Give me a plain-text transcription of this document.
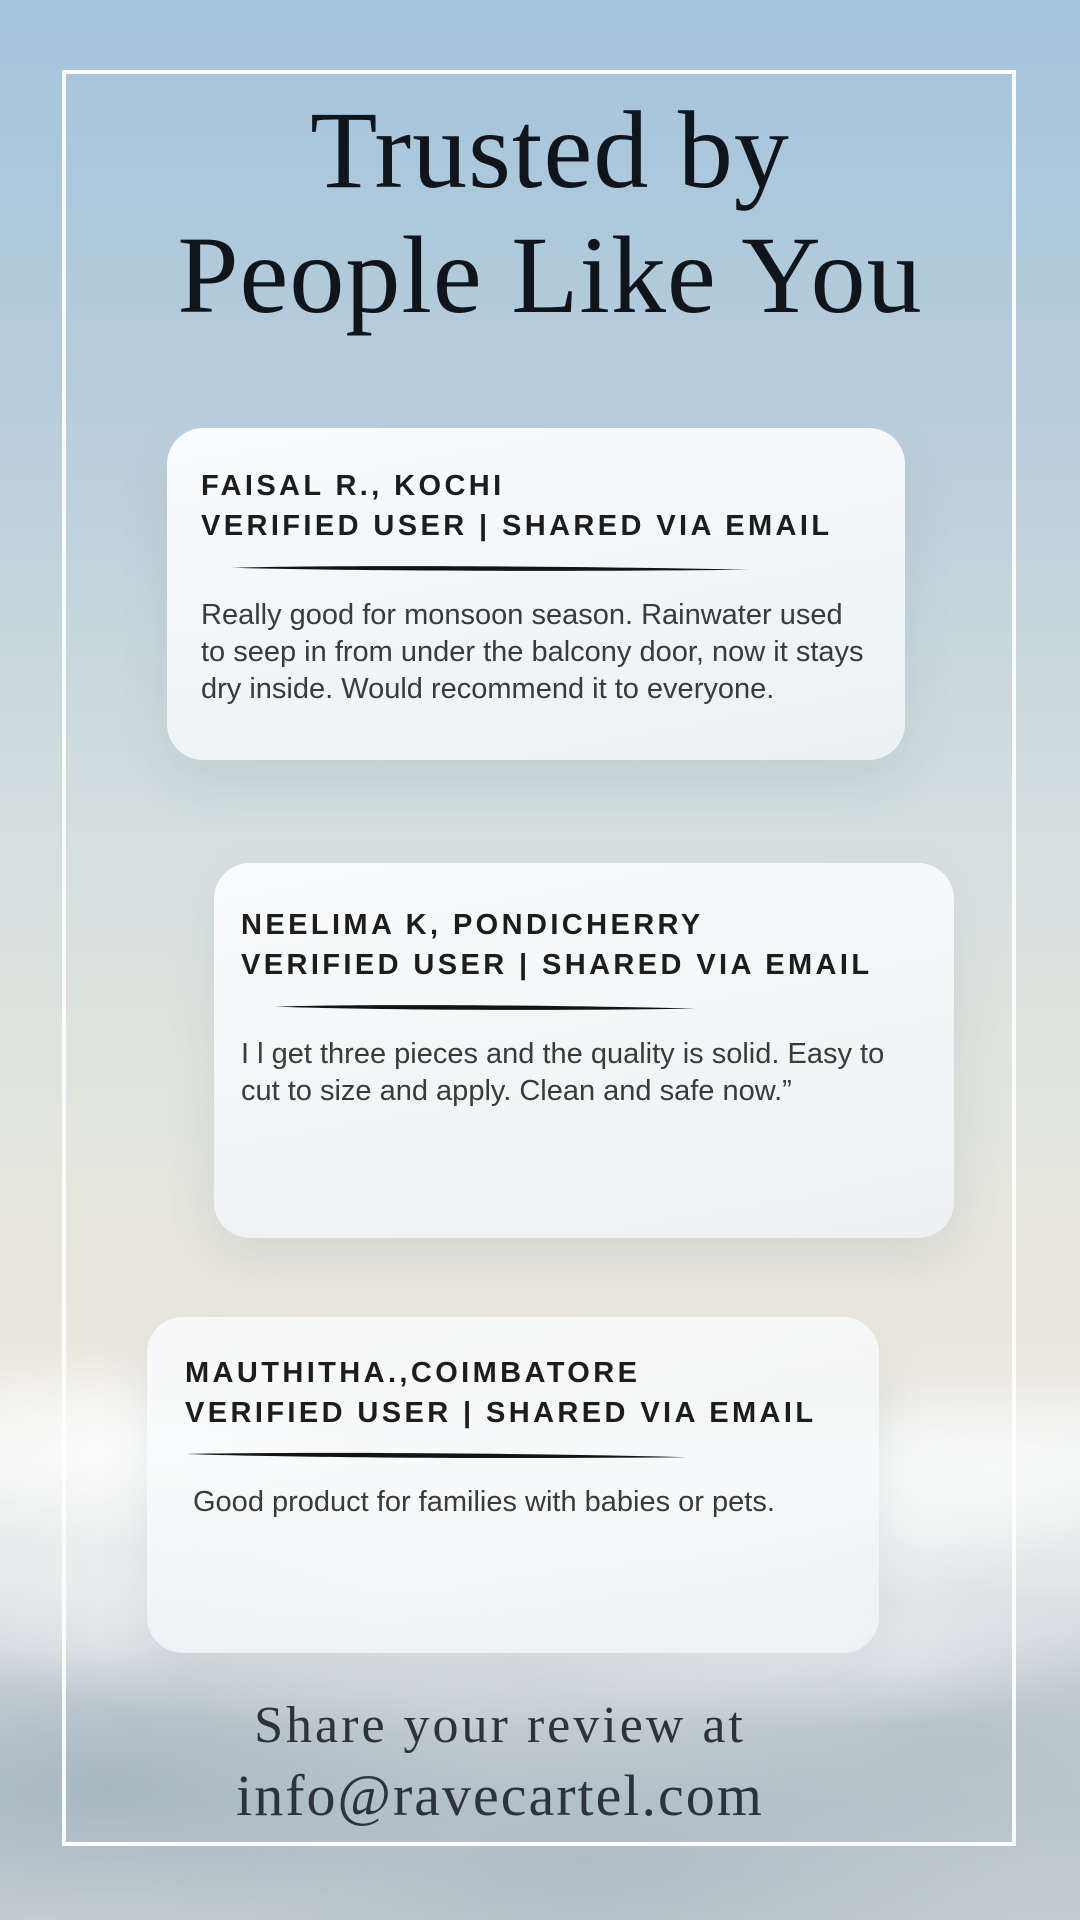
Trusted by
People Like You
FAISAL R., KOCHI
VERIFIED USER | SHARED VIA EMAIL
Really good for monsoon season. Rainwater used to seep in from under the balcony door, now it stays dry inside. Would recommend it to everyone.
NEELIMA K, PONDICHERRY
VERIFIED USER | SHARED VIA EMAIL
I l get three pieces and the quality is solid. Easy to cut to size and apply. Clean and safe now.”
MAUTHITHA.,COIMBATORE
VERIFIED USER | SHARED VIA EMAIL
Good product for families with babies or pets.
Share your review at
info@ravecartel.com
